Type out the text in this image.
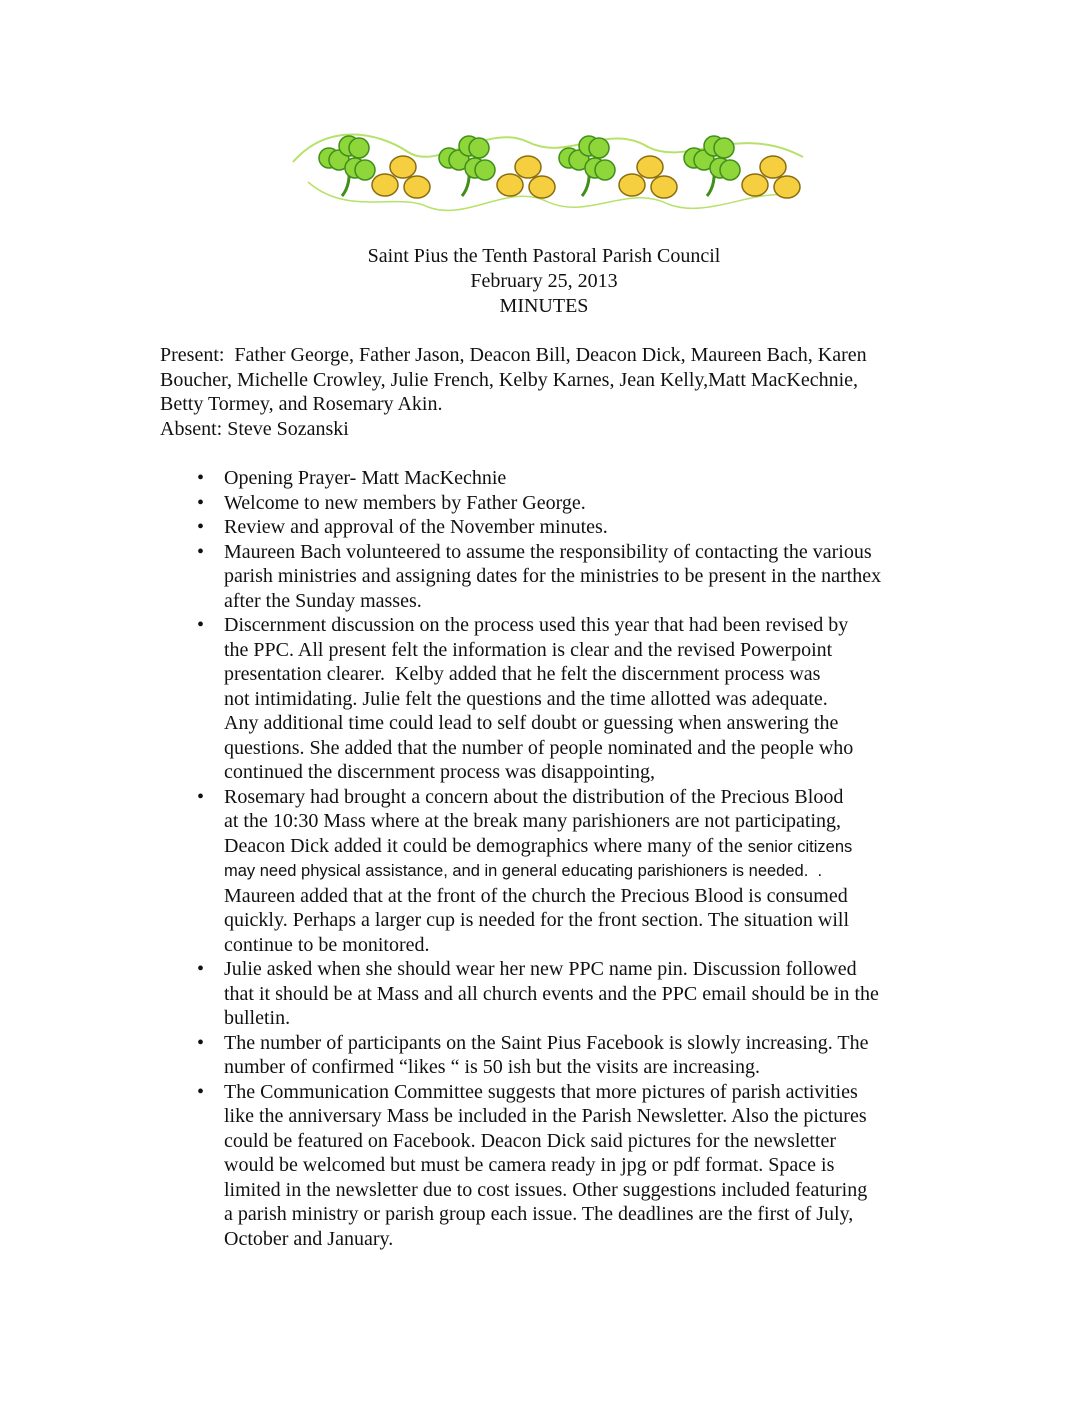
Saint Pius the Tenth Pastoral Parish Council
February 25, 2013
MINUTES
Present:  Father George, Father Jason, Deacon Bill, Deacon Dick, Maureen Bach, Karen
Boucher, Michelle Crowley, Julie French, Kelby Karnes, Jean Kelly,Matt MacKechnie,
Betty Tormey, and Rosemary Akin.
Absent: Steve Sozanski
• Opening Prayer- Matt MacKechnie
• Welcome to new members by Father George.
• Review and approval of the November minutes.
• Maureen Bach volunteered to assume the responsibility of contacting the various
parish ministries and assigning dates for the ministries to be present in the narthex
after the Sunday masses.
• Discernment discussion on the process used this year that had been revised by
the PPC. All present felt the information is clear and the revised Powerpoint
presentation clearer.  Kelby added that he felt the discernment process was
not intimidating. Julie felt the questions and the time allotted was adequate.
Any additional time could lead to self doubt or guessing when answering the
questions. She added that the number of people nominated and the people who
continued the discernment process was disappointing,
• Rosemary had brought a concern about the distribution of the Precious Blood
at the 10:30 Mass where at the break many parishioners are not participating,
Deacon Dick added it could be demographics where many of the senior citizens
may need physical assistance, and in general educating parishioners is needed.  .
Maureen added that at the front of the church the Precious Blood is consumed
quickly. Perhaps a larger cup is needed for the front section. The situation will
continue to be monitored.
• Julie asked when she should wear her new PPC name pin. Discussion followed
that it should be at Mass and all church events and the PPC email should be in the
bulletin.
• The number of participants on the Saint Pius Facebook is slowly increasing. The
number of confirmed “likes “ is 50 ish but the visits are increasing.
• The Communication Committee suggests that more pictures of parish activities
like the anniversary Mass be included in the Parish Newsletter. Also the pictures
could be featured on Facebook. Deacon Dick said pictures for the newsletter
would be welcomed but must be camera ready in jpg or pdf format. Space is
limited in the newsletter due to cost issues. Other suggestions included featuring
a parish ministry or parish group each issue. The deadlines are the first of July,
October and January.
